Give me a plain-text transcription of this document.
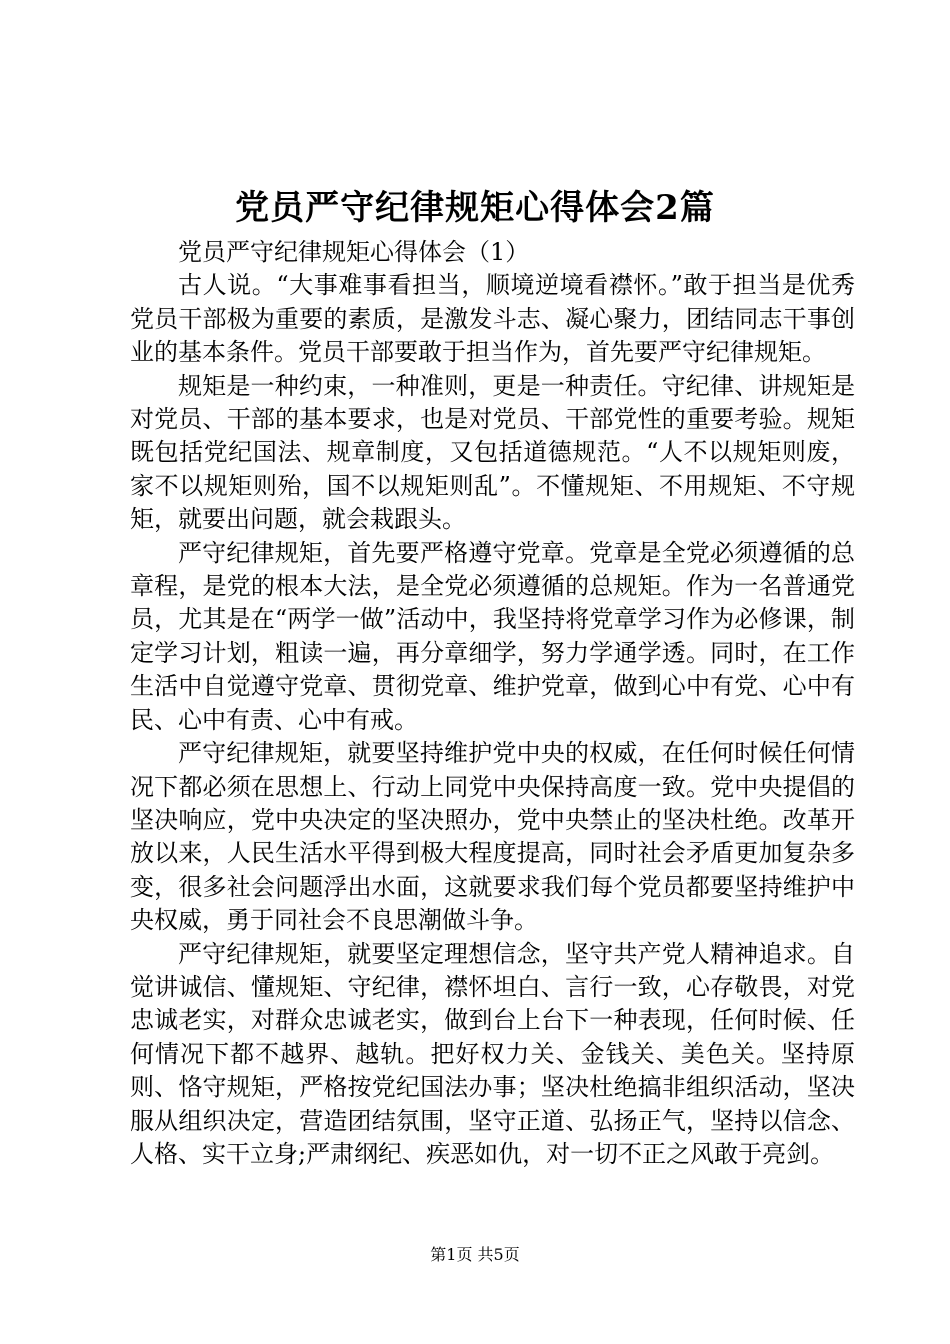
党员严守纪律规矩心得体会2篇

党员严守纪律规矩心得体会（1）

古人说。“大事难事看担当，顺境逆境看襟怀。”敢于担当是优秀党员干部极为重要的素质，是激发斗志、凝心聚力，团结同志干事创业的基本条件。党员干部要敢于担当作为，首先要严守纪律规矩。

规矩是一种约束，一种准则，更是一种责任。守纪律、讲规矩是对党员、干部的基本要求，也是对党员、干部党性的重要考验。规矩既包括党纪国法、规章制度，又包括道德规范。“人不以规矩则废，家不以规矩则殆，国不以规矩则乱”。不懂规矩、不用规矩、不守规矩，就要出问题，就会栽跟头。

严守纪律规矩，首先要严格遵守党章。党章是全党必须遵循的总章程，是党的根本大法，是全党必须遵循的总规矩。作为一名普通党员，尤其是在“两学一做”活动中，我坚持将党章学习作为必修课，制定学习计划，粗读一遍，再分章细学，努力学通学透。同时，在工作生活中自觉遵守党章、贯彻党章、维护党章，做到心中有党、心中有民、心中有责、心中有戒。

严守纪律规矩，就要坚持维护党中央的权威，在任何时候任何情况下都必须在思想上、行动上同党中央保持高度一致。党中央提倡的坚决响应，党中央决定的坚决照办，党中央禁止的坚决杜绝。改革开放以来，人民生活水平得到极大程度提高，同时社会矛盾更加复杂多变，很多社会问题浮出水面，这就要求我们每个党员都要坚持维护中央权威，勇于同社会不良思潮做斗争。

严守纪律规矩，就要坚定理想信念，坚守共产党人精神追求。自觉讲诚信、懂规矩、守纪律，襟怀坦白、言行一致，心存敬畏，对党忠诚老实，对群众忠诚老实，做到台上台下一种表现，任何时候、任何情况下都不越界、越轨。把好权力关、金钱关、美色关。坚持原则、恪守规矩，严格按党纪国法办事；坚决杜绝搞非组织活动，坚决服从组织决定，营造团结氛围，坚守正道、弘扬正气，坚持以信念、人格、实干立身;严肃纲纪、疾恶如仇，对一切不正之风敢于亮剑。

第1页 共5页
